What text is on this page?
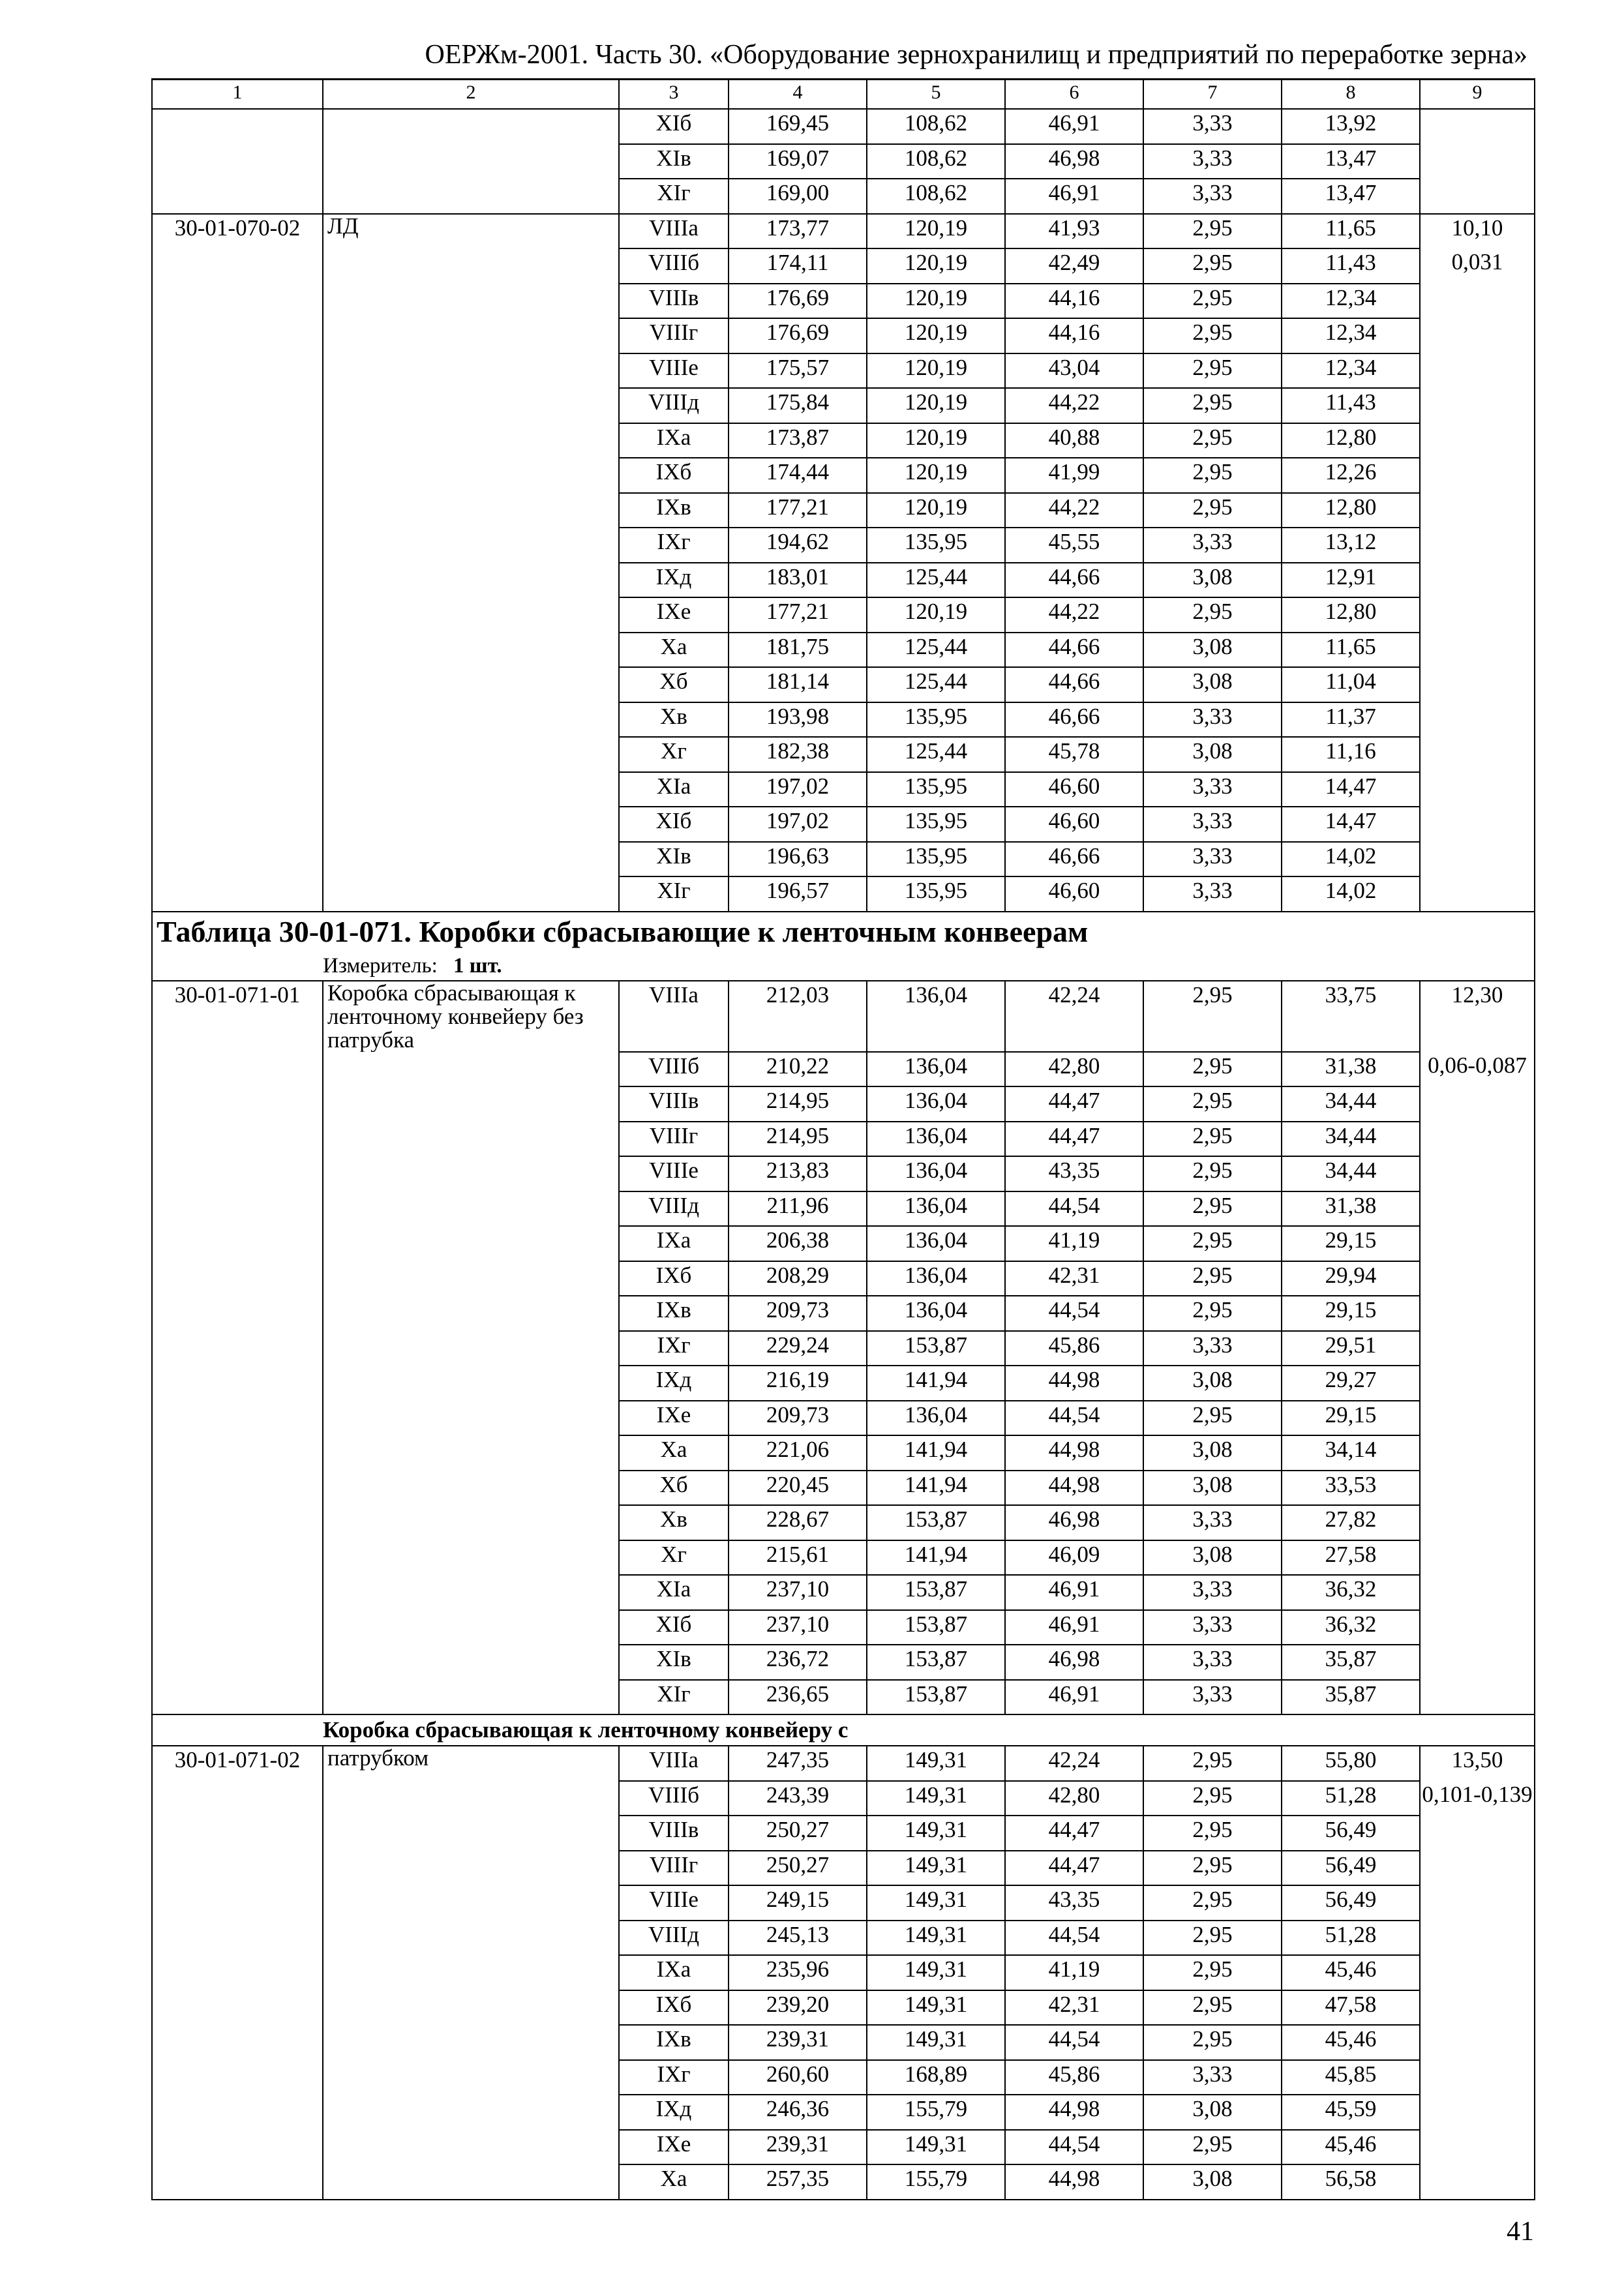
ОЕРЖм-2001. Часть 30. «Оборудование зернохранилищ и предприятий по переработке зерна»
1	2	3	4	5	6	7	8	9
		XIб	169,45	108,62	46,91	3,33	13,92	
		XIв	169,07	108,62	46,98	3,33	13,47	
		XIг	169,00	108,62	46,91	3,33	13,47	
30-01-070-02	ЛД	VIIIа	173,77	120,19	41,93	2,95	11,65	10,10
		VIIIб	174,11	120,19	42,49	2,95	11,43	0,031
		VIIIв	176,69	120,19	44,16	2,95	12,34	
		VIIIг	176,69	120,19	44,16	2,95	12,34	
		VIIIе	175,57	120,19	43,04	2,95	12,34	
		VIIIд	175,84	120,19	44,22	2,95	11,43	
		IXа	173,87	120,19	40,88	2,95	12,80	
		IXб	174,44	120,19	41,99	2,95	12,26	
		IXв	177,21	120,19	44,22	2,95	12,80	
		IXг	194,62	135,95	45,55	3,33	13,12	
		IXд	183,01	125,44	44,66	3,08	12,91	
		IXе	177,21	120,19	44,22	2,95	12,80	
		Xа	181,75	125,44	44,66	3,08	11,65	
		Xб	181,14	125,44	44,66	3,08	11,04	
		Xв	193,98	135,95	46,66	3,33	11,37	
		Xг	182,38	125,44	45,78	3,08	11,16	
		XIа	197,02	135,95	46,60	3,33	14,47	
		XIб	197,02	135,95	46,60	3,33	14,47	
		XIв	196,63	135,95	46,66	3,33	14,02	
		XIг	196,57	135,95	46,60	3,33	14,02	
Таблица 30-01-071. Коробки сбрасывающие к ленточным конвеерам								
	Измеритель: 1 шт.							
30-01-071-01	Коробка сбрасывающая к ленточному конвейеру без патрубка	VIIIа	212,03	136,04	42,24	2,95	33,75	12,30
		VIIIб	210,22	136,04	42,80	2,95	31,38	0,06-0,087
		VIIIв	214,95	136,04	44,47	2,95	34,44	
		VIIIг	214,95	136,04	44,47	2,95	34,44	
		VIIIе	213,83	136,04	43,35	2,95	34,44	
		VIIIд	211,96	136,04	44,54	2,95	31,38	
		IXа	206,38	136,04	41,19	2,95	29,15	
		IXб	208,29	136,04	42,31	2,95	29,94	
		IXв	209,73	136,04	44,54	2,95	29,15	
		IXг	229,24	153,87	45,86	3,33	29,51	
		IXд	216,19	141,94	44,98	3,08	29,27	
		IXе	209,73	136,04	44,54	2,95	29,15	
		Xа	221,06	141,94	44,98	3,08	34,14	
		Xб	220,45	141,94	44,98	3,08	33,53	
		Xв	228,67	153,87	46,98	3,33	27,82	
		Xг	215,61	141,94	46,09	3,08	27,58	
		XIа	237,10	153,87	46,91	3,33	36,32	
		XIб	237,10	153,87	46,91	3,33	36,32	
		XIв	236,72	153,87	46,98	3,33	35,87	
		XIг	236,65	153,87	46,91	3,33	35,87	
	Коробка сбрасывающая к ленточному конвейеру с							
30-01-071-02	патрубком	VIIIа	247,35	149,31	42,24	2,95	55,80	13,50
		VIIIб	243,39	149,31	42,80	2,95	51,28	0,101-0,139
		VIIIв	250,27	149,31	44,47	2,95	56,49	
		VIIIг	250,27	149,31	44,47	2,95	56,49	
		VIIIе	249,15	149,31	43,35	2,95	56,49	
		VIIIд	245,13	149,31	44,54	2,95	51,28	
		IXа	235,96	149,31	41,19	2,95	45,46	
		IXб	239,20	149,31	42,31	2,95	47,58	
		IXв	239,31	149,31	44,54	2,95	45,46	
		IXг	260,60	168,89	45,86	3,33	45,85	
		IXд	246,36	155,79	44,98	3,08	45,59	
		IXе	239,31	149,31	44,54	2,95	45,46	
		Xа	257,35	155,79	44,98	3,08	56,58	
41
